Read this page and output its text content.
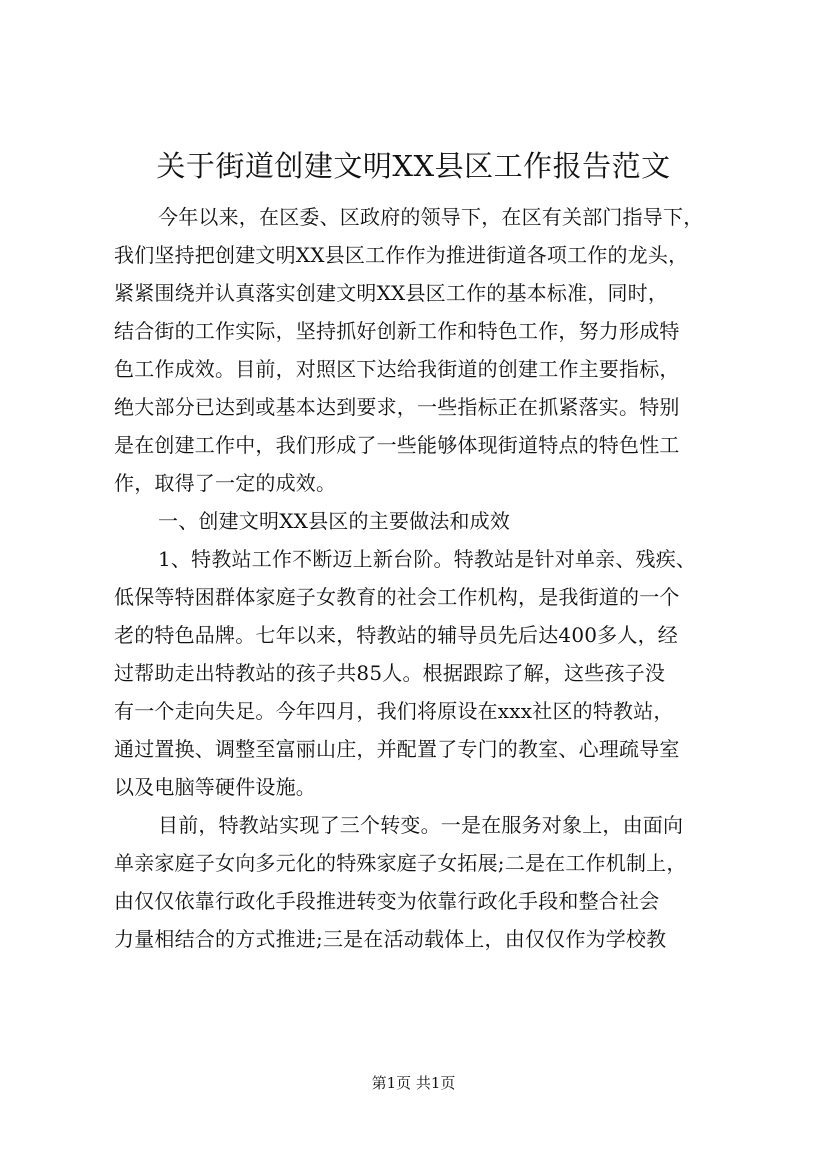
关于街道创建文明XX县区工作报告范文
今年以来，在区委、区政府的领导下，在区有关部门指导下，
我们坚持把创建文明XX县区工作作为推进街道各项工作的龙头，
紧紧围绕并认真落实创建文明XX县区工作的基本标准，同时，
结合街的工作实际，坚持抓好创新工作和特色工作，努力形成特
色工作成效。目前，对照区下达给我街道的创建工作主要指标，
绝大部分已达到或基本达到要求，一些指标正在抓紧落实。特别
是在创建工作中，我们形成了一些能够体现街道特点的特色性工
作，取得了一定的成效。
一、创建文明XX县区的主要做法和成效
1、特教站工作不断迈上新台阶。特教站是针对单亲、残疾、
低保等特困群体家庭子女教育的社会工作机构，是我街道的一个
老的特色品牌。七年以来，特教站的辅导员先后达400多人，经
过帮助走出特教站的孩子共85人。根据跟踪了解，这些孩子没
有一个走向失足。今年四月，我们将原设在xxx社区的特教站，
通过置换、调整至富丽山庄，并配置了专门的教室、心理疏导室
以及电脑等硬件设施。
目前，特教站实现了三个转变。一是在服务对象上，由面向
单亲家庭子女向多元化的特殊家庭子女拓展;二是在工作机制上，
由仅仅依靠行政化手段推进转变为依靠行政化手段和整合社会
力量相结合的方式推进;三是在活动载体上，由仅仅作为学校教
第1页 共1页
